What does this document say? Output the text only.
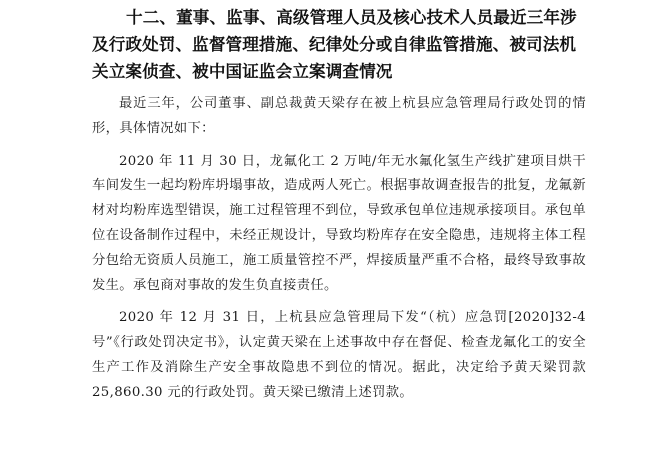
十二、董事、监事、高级管理人员及核心技术人员最近三年涉及行政处罚、监督管理措施、纪律处分或自律监管措施、被司法机关立案侦查、被中国证监会立案调查情况

最近三年，公司董事、副总裁黄天梁存在被上杭县应急管理局行政处罚的情形，具体情况如下：

2020 年 11 月 30 日，龙氟化工 2 万吨/年无水氟化氢生产线扩建项目烘干车间发生一起均粉库坍塌事故，造成两人死亡。根据事故调查报告的批复，龙氟新材对均粉库选型错误，施工过程管理不到位，导致承包单位违规承接项目。承包单位在设备制作过程中，未经正规设计，导致均粉库存在安全隐患，违规将主体工程分包给无资质人员施工，施工质量管控不严，焊接质量严重不合格，最终导致事故发生。承包商对事故的发生负直接责任。

2020 年 12 月 31 日，上杭县应急管理局下发“（杭）应急罚[2020]32-4 号”《行政处罚决定书》，认定黄天梁在上述事故中存在督促、检查龙氟化工的安全生产工作及消除生产安全事故隐患不到位的情况。据此，决定给予黄天梁罚款 25,860.30 元的行政处罚。黄天梁已缴清上述罚款。
